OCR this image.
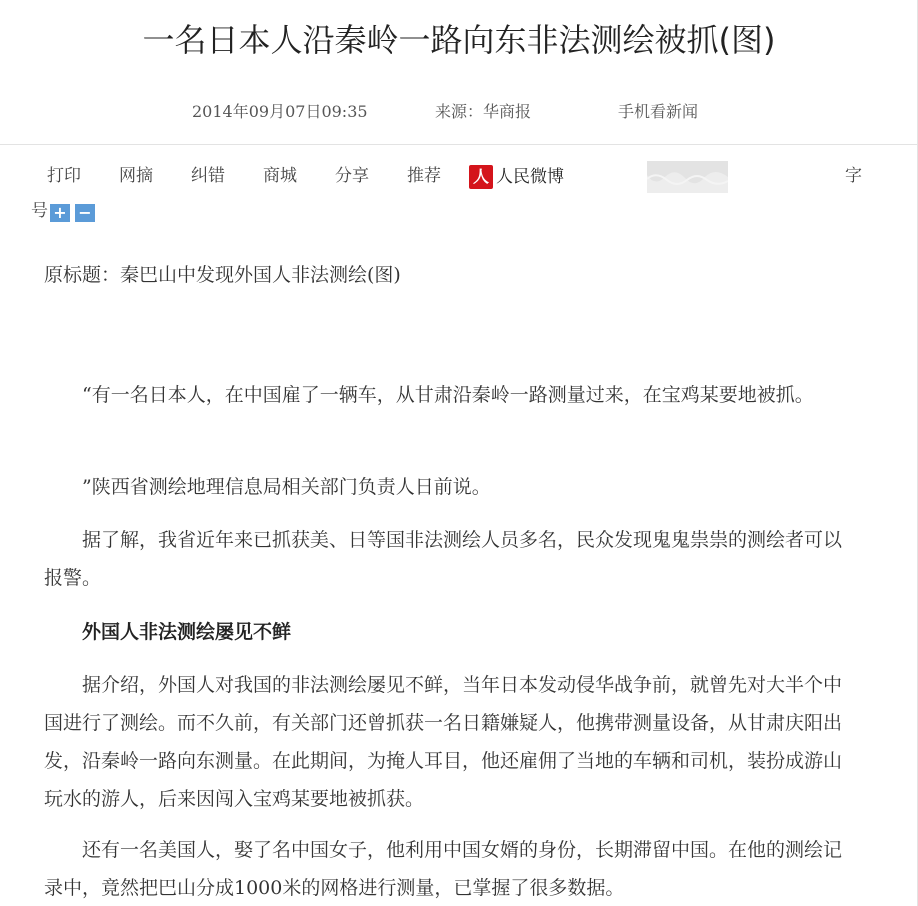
一名日本人沿秦岭一路向东非法测绘被抓(图)
2014年09月07日09:35	来源：华商报	手机看新闻
打印 网摘 纠错 商城 分享 推荐 人 人民微博	字
号 + −

原标题：秦巴山中发现外国人非法测绘(图)

“有一名日本人，在中国雇了一辆车，从甘肃沿秦岭一路测量过来，在宝鸡某要地被抓。

”陕西省测绘地理信息局相关部门负责人日前说。

据了解，我省近年来已抓获美、日等国非法测绘人员多名，民众发现鬼鬼祟祟的测绘者可以报警。

外国人非法测绘屡见不鲜

据介绍，外国人对我国的非法测绘屡见不鲜，当年日本发动侵华战争前，就曾先对大半个中国进行了测绘。而不久前，有关部门还曾抓获一名日籍嫌疑人，他携带测量设备，从甘肃庆阳出发，沿秦岭一路向东测量。在此期间，为掩人耳目，他还雇佣了当地的车辆和司机，装扮成游山玩水的游人，后来因闯入宝鸡某要地被抓获。

还有一名美国人，娶了名中国女子，他利用中国女婿的身份，长期滞留中国。在他的测绘记录中，竟然把巴山分成1000米的网格进行测量，已掌握了很多数据。
